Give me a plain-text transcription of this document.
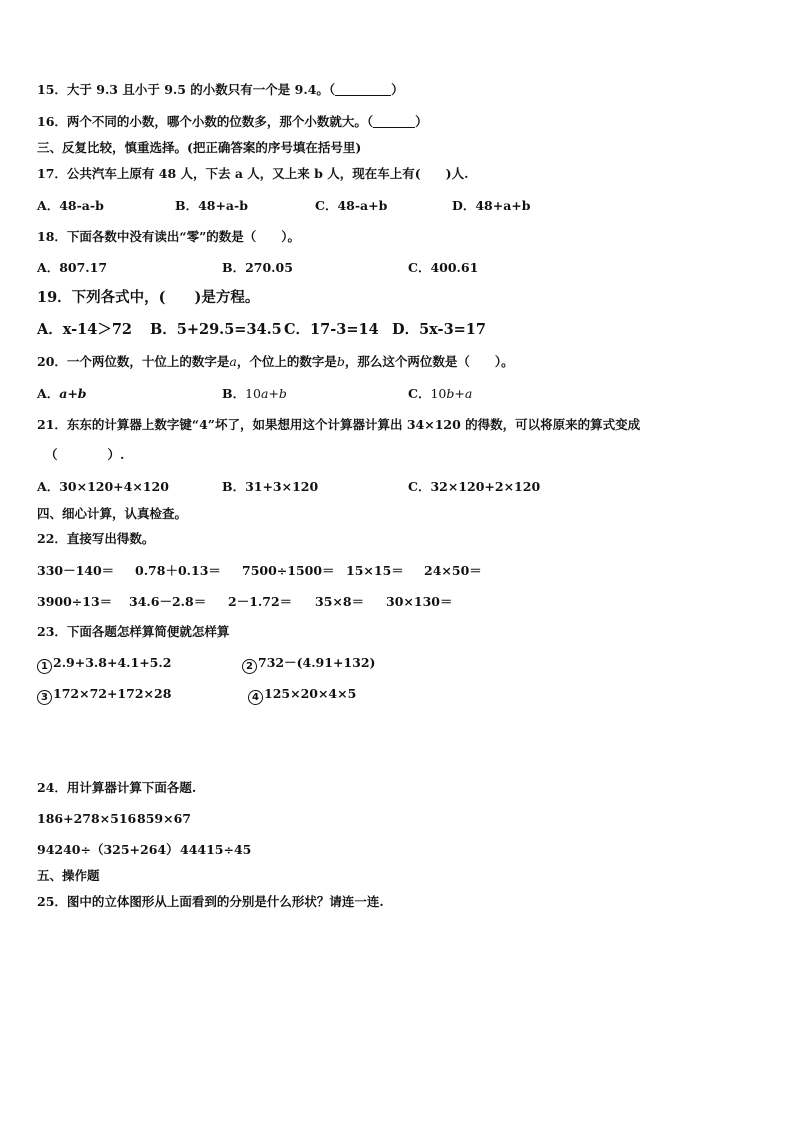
15．大于 9.3 且小于 9.5 的小数只有一个是 9.4。（	）
16．两个不同的小数，哪个小数的位数多，那个小数就大。（	）
三、反复比较，慎重选择。(把正确答案的序号填在括号里)
17．公共汽车上原有 48 人，下去 a 人，又上来 b 人，现在车上有(　　)人.
A．48-a-b	B．48+a-b	C．48-a+b	D．48+a+b
18．下面各数中没有读出“零”的数是（　　）。
A．807.17	B．270.05	C．400.61
19．下列各式中，(　　)是方程。
A．x-14＞72 B．5+29.5=34.5 C．17-3=14 D．5x-3=17
20．一个两位数，十位上的数字是a，个位上的数字是b，那么这个两位数是（　　）。
A．a+b	B．10a+b	C．10b+a
21．东东的计算器上数字键“4”坏了，如果想用这个计算器计算出 34×120 的得数，可以将原来的算式变成
（　　　　）.
A．30×120+4×120	B．31+3×120	C．32×120+2×120
四、细心计算，认真检查。
22．直接写出得数。
330－140＝ 0.78＋0.13＝ 7500÷1500＝ 15×15＝ 24×50＝
3900÷13＝ 34.6－2.8＝ 2－1.72＝ 35×8＝ 30×130＝
23．下面各题怎样算简便就怎样算
1 2.9+3.8+4.1+5.2	2 732－(4.91+132)
3 172×72+172×28	4 125×20×4×5
24．用计算器计算下面各题.
186+278×516 859×67
94240÷（325+264） 44415÷45
五、操作题
25．图中的立体图形从上面看到的分别是什么形状？请连一连.
